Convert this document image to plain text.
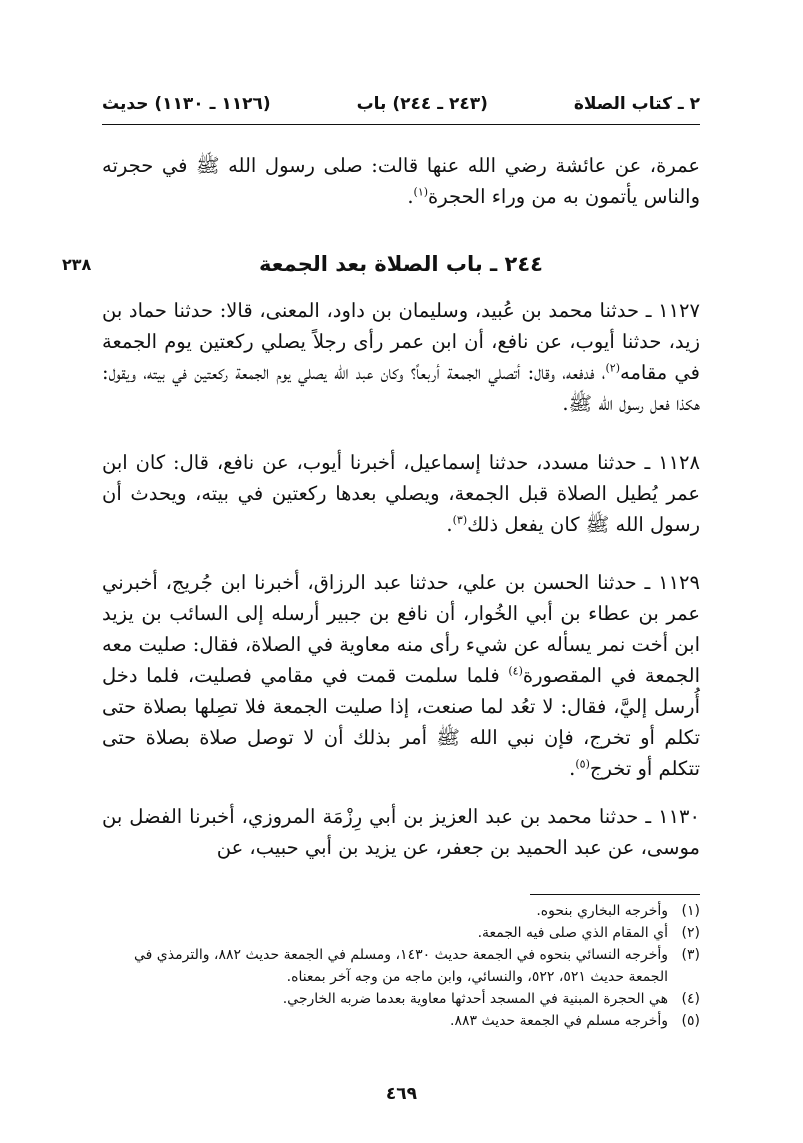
٢ ـ كتاب الصلاة
(٢٤٣ ـ ٢٤٤) باب
(١١٢٦ ـ ١١٣٠) حديث
عمرة، عن عائشة رضي الله عنها قالت: صلى رسول الله ﷺ في حجرته والناس يأتمون به من وراء الحجرة$^{(١)}$.
٢٤٤ ـ باب الصلاة بعد الجمعة
٢٣٨
١١٢٧ ـ حدثنا محمد بن عُبيد، وسليمان بن داود، المعنى، قالا: حدثنا حماد بن زيد، حدثنا أيوب، عن نافع، أن ابن عمر رأى رجلاً يصلي ركعتين يوم الجمعة في مقامه$^{(٢)}$، فدفعه، وقال: أتصلي الجمعة أربعاً؟ وكان عبد الله يصلي يوم الجمعة ركعتين في بيته، ويقول: هكذا فعل رسول الله ﷺ.
١١٢٨ ـ حدثنا مسدد، حدثنا إسماعيل، أخبرنا أيوب، عن نافع، قال: كان ابن عمر يُطيل الصلاة قبل الجمعة، ويصلي بعدها ركعتين في بيته، ويحدث أن رسول الله ﷺ كان يفعل ذلك$^{(٣)}$.
١١٢٩ ـ حدثنا الحسن بن علي، حدثنا عبد الرزاق، أخبرنا ابن جُريج، أخبرني عمر بن عطاء بن أبي الخُوار، أن نافع بن جبير أرسله إلى السائب بن يزيد ابن أخت نمر يسأله عن شيء رأى منه معاوية في الصلاة، فقال: صليت معه الجمعة في المقصورة$^{(٤)}$ فلما سلمت قمت في مقامي فصليت، فلما دخل أُرسل إليَّ، فقال: لا تعُد لما صنعت، إذا صليت الجمعة فلا تصِلها بصلاة حتى تكلم أو تخرج، فإن نبي الله ﷺ أمر بذلك أن لا توصل صلاة بصلاة حتى تتكلم أو تخرج$^{(٥)}$.
١١٣٠ ـ حدثنا محمد بن عبد العزيز بن أبي رِزْمَة المروزي، أخبرنا الفضل بن موسى، عن عبد الحميد بن جعفر، عن يزيد بن أبي حبيب، عن
(١)
وأخرجه البخاري بنحوه.
(٢)
أي المقام الذي صلى فيه الجمعة.
(٣)
وأخرجه النسائي بنحوه في الجمعة حديث ١٤٣٠، ومسلم في الجمعة حديث ٨٨٢، والترمذي في الجمعة حديث ٥٢١، ٥٢٢، والنسائي، وابن ماجه من وجه آخر بمعناه.
(٤)
هي الحجرة المبنية في المسجد أحدثها معاوية بعدما ضربه الخارجي.
(٥)
وأخرجه مسلم في الجمعة حديث ٨٨٣.
٤٦٩
